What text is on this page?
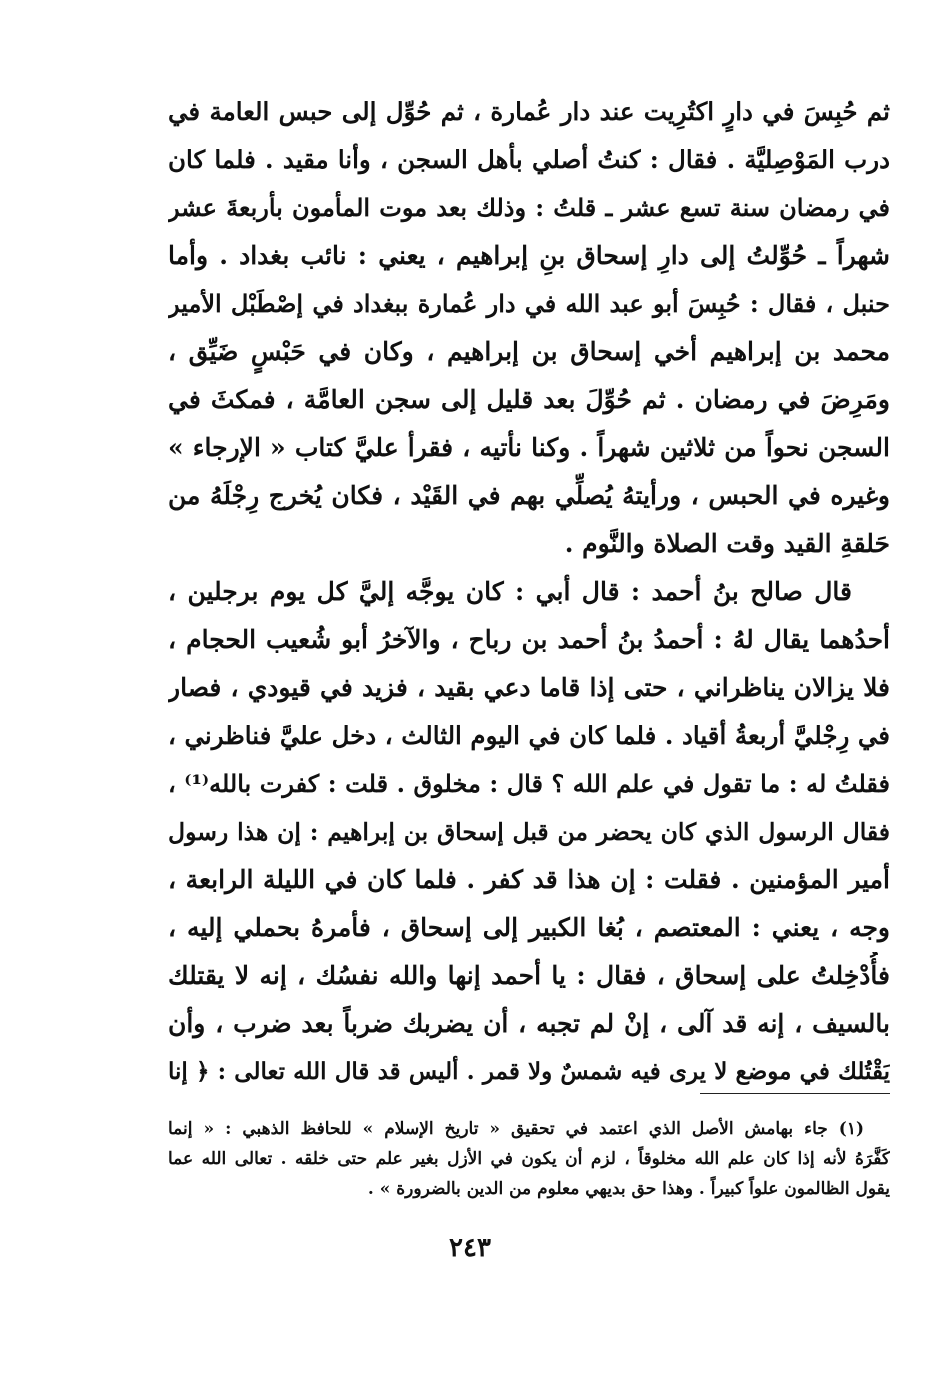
ثم حُبِسَ في دارٍ اكتُرِيت عند دار عُمارة ، ثم حُوِّل إلى حبس العامة في
درب المَوْصِليَّة . فقال : كنتُ أصلي بأهل السجن ، وأنا مقيد . فلما كان
في رمضان سنة تسع عشر ـ قلتُ : وذلك بعد موت المأمون بأربعةَ عشر
شهراً ـ حُوِّلتُ إلى دارِ إسحاق بنِ إبراهيم ، يعني : نائب بغداد . وأما
حنبل ، فقال : حُبِسَ أبو عبد الله في دار عُمارة ببغداد في إصْطَبْل الأمير
محمد بن إبراهيم أخي إسحاق بن إبراهيم ، وكان في حَبْسٍ ضَيِّق ،
ومَرِضَ في رمضان . ثم حُوِّلَ بعد قليل إلى سجن العامَّة ، فمكثَ في
السجن نحواً من ثلاثين شهراً . وكنا نأتيه ، فقرأ عليَّ كتاب « الإرجاء »
وغيره في الحبس ، ورأيتهُ يُصلِّي بهم في القَيْد ، فكان يُخرج رِجْلَهُ من
حَلقةِ القيد وقت الصلاة والنَّوم .
قال صالح بنُ أحمد : قال أبي : كان يوجَّه إليَّ كل يوم برجلين ،
أحدُهما يقال لهُ : أحمدُ بنُ أحمد بن رباح ، والآخرُ أبو شُعيب الحجام ،
فلا يزالان يناظراني ، حتى إذا قاما دعي بقيد ، فزيد في قيودي ، فصار
في رِجْليَّ أربعةُ أقياد . فلما كان في اليوم الثالث ، دخل عليَّ فناظرني ،
فقلتُ له : ما تقول في علم الله ؟ قال : مخلوق . قلت : كفرت بالله⁽¹⁾ ،
فقال الرسول الذي كان يحضر من قبل إسحاق بن إبراهيم : إن هذا رسول
أمير المؤمنين . فقلت : إن هذا قد كفر . فلما كان في الليلة الرابعة ،
وجه ، يعني : المعتصم ، بُغا الكبير إلى إسحاق ، فأمرهُ بحملي إليه ،
فأُدْخِلتُ على إسحاق ، فقال : يا أحمد إنها والله نفسُك ، إنه لا يقتلك
بالسيف ، إنه قد آلى ، إنْ لم تجبه ، أن يضربك ضرباً بعد ضرب ، وأن
يَقْتُلك في موضع لا يرى فيه شمسٌ ولا قمر . أليس قد قال الله تعالى : ﴿ إنا
(١) جاء بهامش الأصل الذي اعتمد في تحقيق « تاريخ الإسلام » للحافظ الذهبي : « إنما
كَفَّرَهُ لأنه إذا كان علم الله مخلوقاً ، لزم أن يكون في الأزل بغير علم حتى خلقه . تعالى الله عما
يقول الظالمون علواً كبيراً . وهذا حق بديهي معلوم من الدين بالضرورة » .
٢٤٣
